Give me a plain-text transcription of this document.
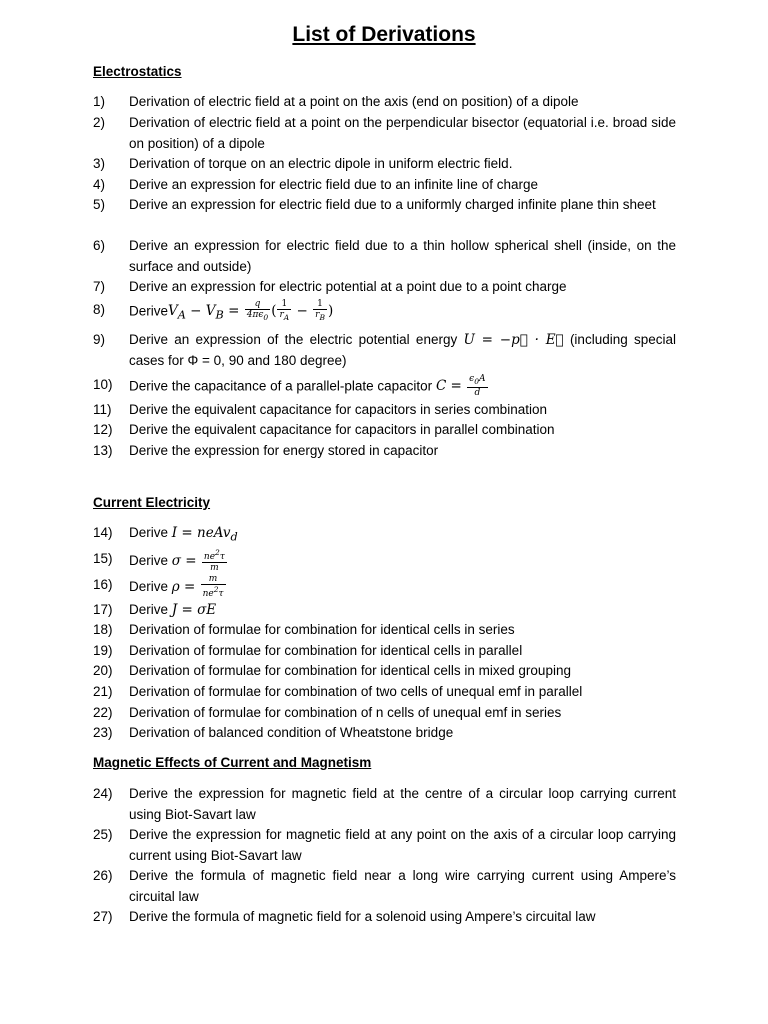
List of Derivations
Electrostatics
1)	Derivation of electric field at a point on the axis (end on position) of a dipole
2)	Derivation of electric field at a point on the perpendicular bisector (equatorial i.e. broad side on position) of a dipole
3)	Derivation of torque on an electric dipole in uniform electric field.
4)	Derive an expression for electric field due to an infinite line of charge
5)	Derive an expression for electric field due to a uniformly charged infinite plane thin sheet
6)	Derive an expression for electric field due to a thin hollow spherical shell (inside, on the surface and outside)
7)	Derive an expression for electric potential at a point due to a point charge
8)	DeriveV$_A$ − $V_B = \frac{q}{4\pi\epsilon_0}$ ( $\frac{1}{r_A} - \frac{1}{r_B}$ )
9)	Derive an expression of the electric potential energy U = −p⃗ · E⃗ (including special cases for Φ = 0, 90 and 180 degree)
10)	Derive the capacitance of a parallel-plate capacitor $C = \frac{\epsilon_0A}{d}$
11)	Derive the equivalent capacitance for capacitors in series combination
12)	Derive the equivalent capacitance for capacitors in parallel combination
13)	Derive the expression for energy stored in capacitor
Current Electricity
14)	Derive I = neAv$_d$
15)	Derive $\sigma = \frac{ne^2\tau}{m}$
16)	Derive $\rho = \frac{m}{ne^2\tau}$
17)	Derive J = σE
18)	Derivation of formulae for combination for identical cells in series
19)	Derivation of formulae for combination for identical cells in parallel
20)	Derivation of formulae for combination for identical cells in mixed grouping
21)	Derivation of formulae for combination of two cells of unequal emf in parallel
22)	Derivation of formulae for combination of n cells of unequal emf in series
23)	Derivation of balanced condition of Wheatstone bridge
Magnetic Effects of Current and Magnetism
24)	Derive the expression for magnetic field at the centre of a circular loop carrying current using Biot-Savart law
25)	Derive the expression for magnetic field at any point on the axis of a circular loop carrying current using Biot-Savart law
26)	Derive the formula of magnetic field near a long wire carrying current using Ampere’s circuital law
27)	Derive the formula of magnetic field for a solenoid using Ampere’s circuital law
